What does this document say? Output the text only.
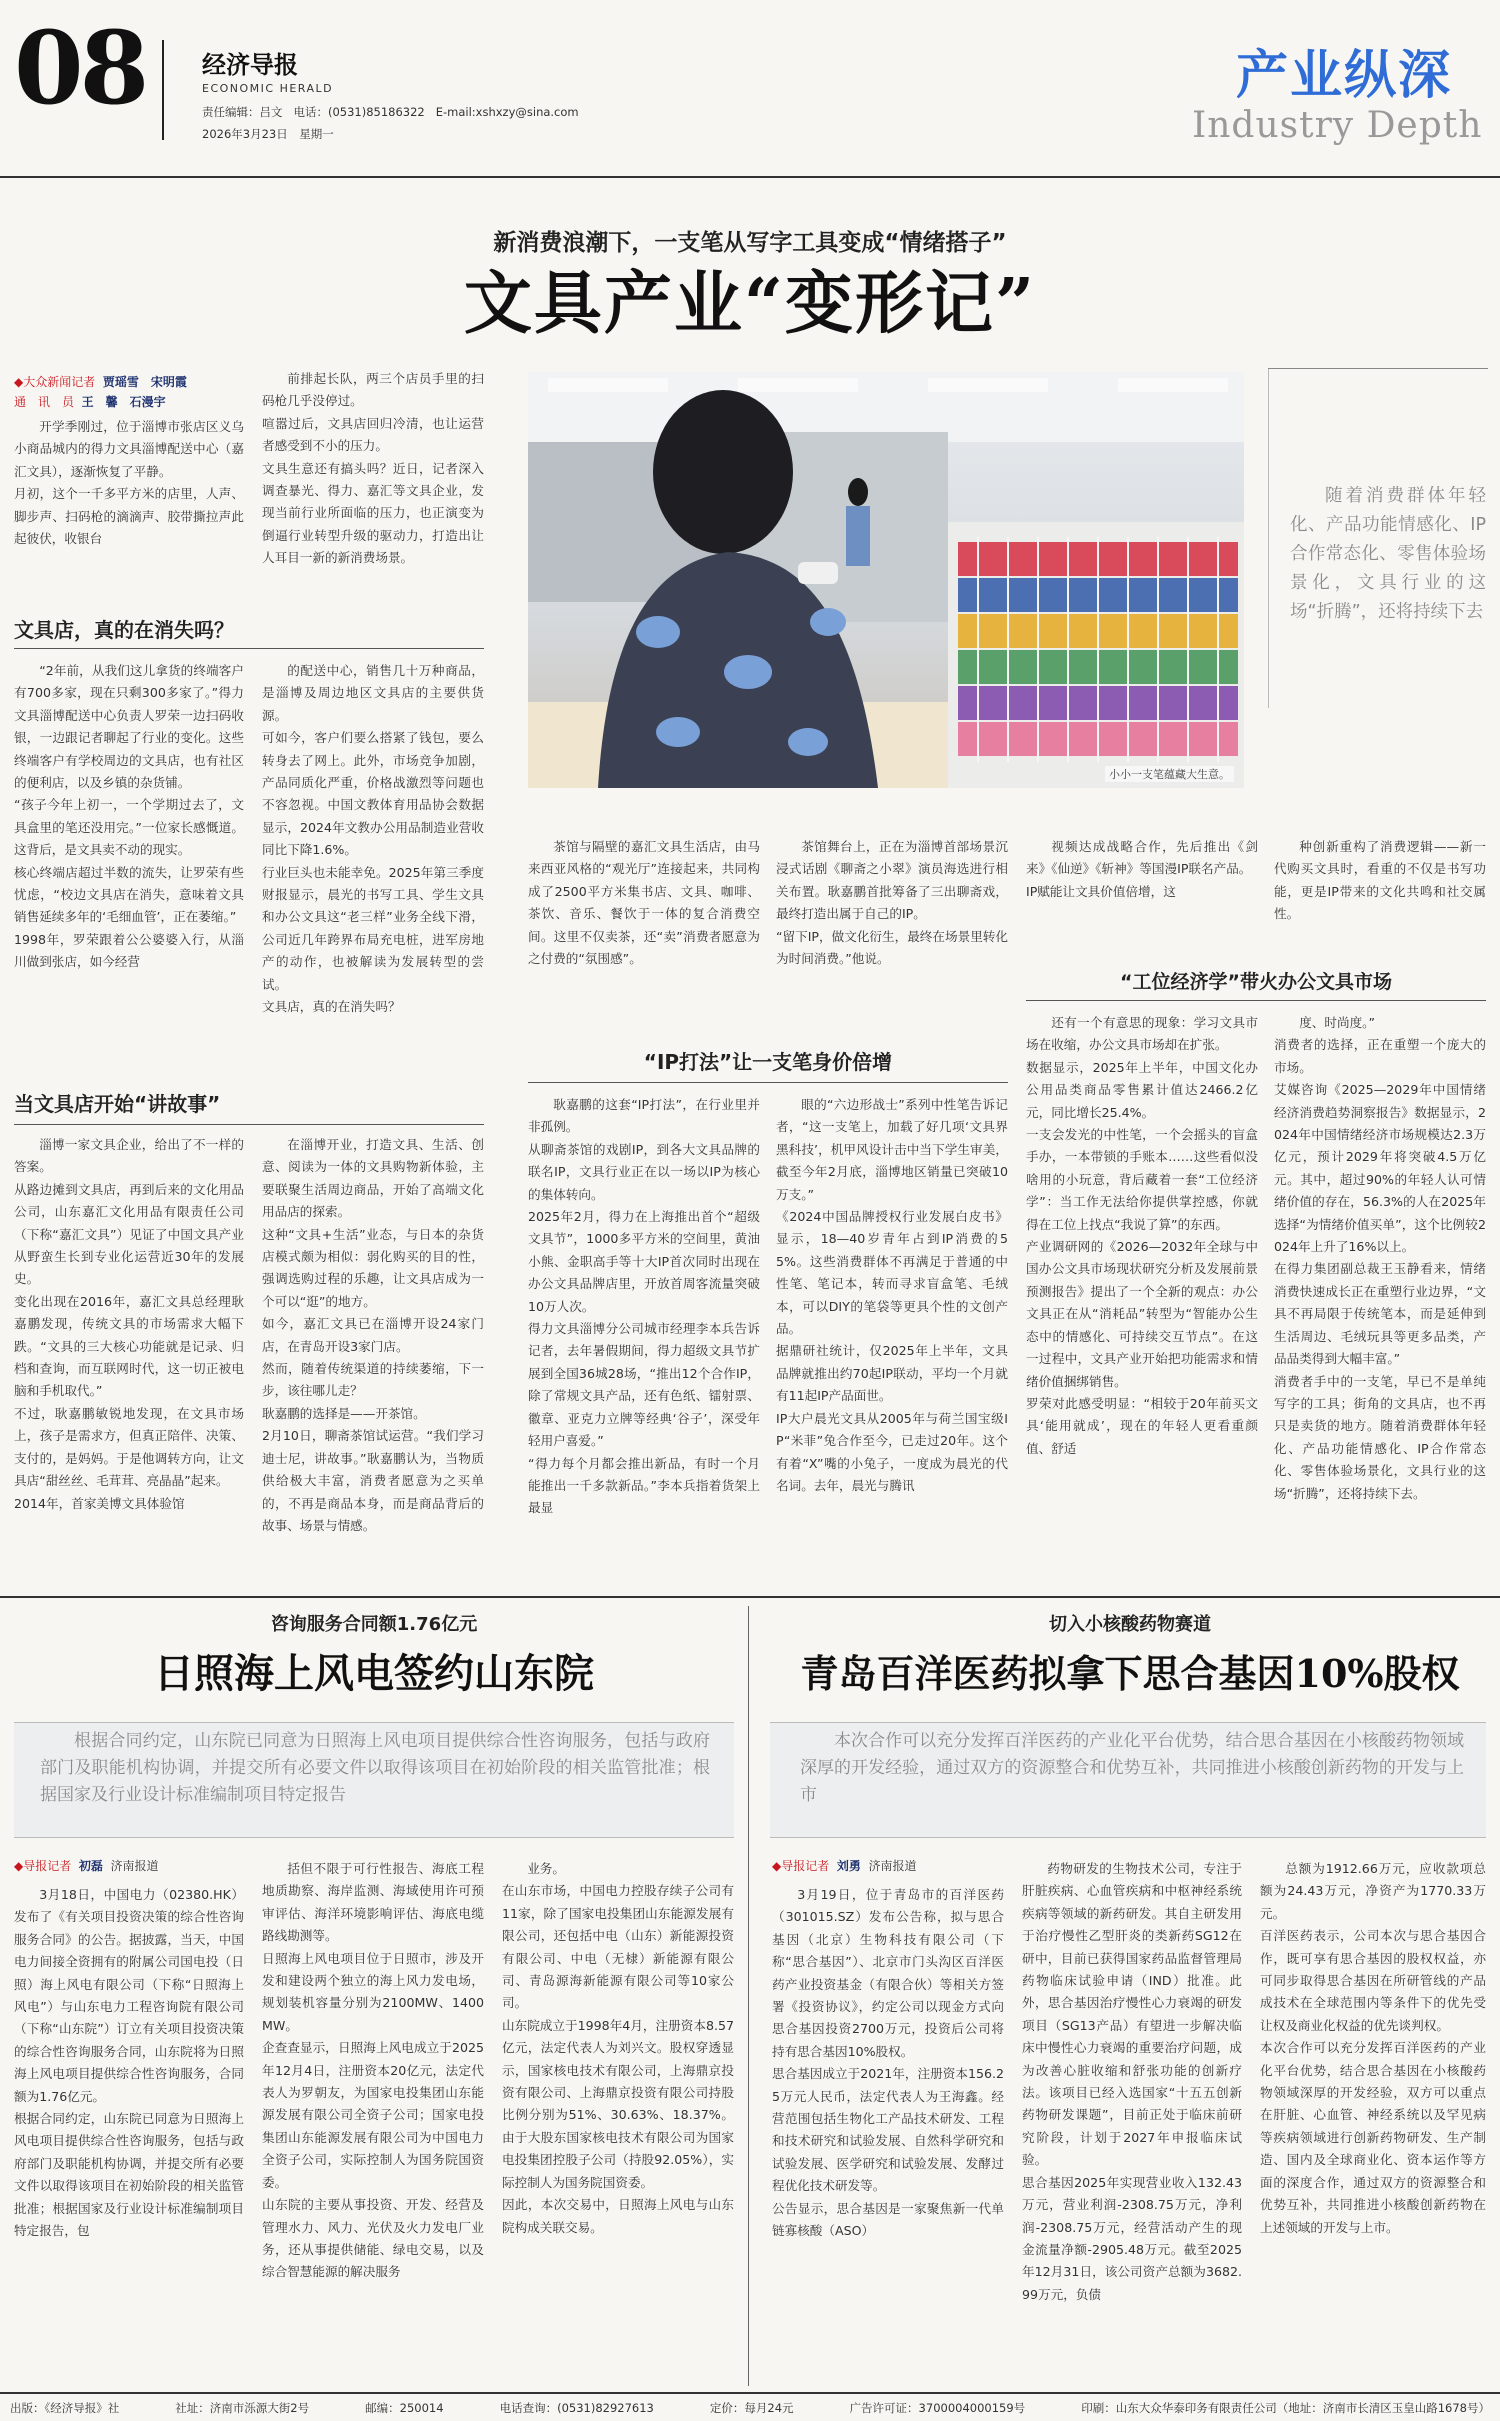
08 经济导报
ECONOMIC HERALD
责任编辑：吕文 电话：(0531)85186322 E-mail:xshxzy@sina.com
2026年3月23日　星期一
产业纵深
Industry Depth
新消费浪潮下，一支笔从写字工具变成“情绪搭子”
文具产业“变形记”
◆大众新闻记者 贾瑶雪　宋明霞
通　讯　员 王　馨　石漫宇
开学季刚过，位于淄博市张店区义乌小商品城内的得力文具淄博配送中心（嘉汇文具），逐渐恢复了平静。
月初，这个一千多平方米的店里，人声、脚步声、扫码枪的滴滴声、胶带撕拉声此起彼伏，收银台
前排起长队，两三个店员手里的扫码枪几乎没停过。
喧嚣过后，文具店回归冷清，也让运营者感受到不小的压力。
文具生意还有搞头吗？近日，记者深入调查暴光、得力、嘉汇等文具企业，发现当前行业所面临的压力，也正演变为倒逼行业转型升级的驱动力，打造出让人耳目一新的新消费场景。
文具店，真的在消失吗？
“2年前，从我们这儿拿货的终端客户有700多家，现在只剩300多家了。”得力文具淄博配送中心负责人罗荣一边扫码收银，一边跟记者聊起了行业的变化。这些终端客户有学校周边的文具店，也有社区的便利店，以及乡镇的杂货铺。
“孩子今年上初一，一个学期过去了，文具盒里的笔还没用完。”一位家长感慨道。这背后，是文具卖不动的现实。
核心终端店超过半数的流失，让罗荣有些忧虑，“校边文具店在消失，意味着文具销售延续多年的‘毛细血管’，正在萎缩。”
1998年，罗荣跟着公公婆婆入行，从淄川做到张店，如今经营
的配送中心，销售几十万种商品，是淄博及周边地区文具店的主要供货源。
可如今，客户们要么搭紧了钱包，要么转身去了网上。此外，市场竞争加剧，产品同质化严重，价格战激烈等问题也不容忽视。中国文教体育用品协会数据显示，2024年文教办公用品制造业营收同比下降1.6%。
行业巨头也未能幸免。2025年第三季度财报显示，晨光的书写工具、学生文具和办公文具这“老三样”业务全线下滑，公司近几年跨界布局充电桩，进军房地产的动作，也被解读为发展转型的尝试。
文具店，真的在消失吗？
当文具店开始“讲故事”
淄博一家文具企业，给出了不一样的答案。
从路边摊到文具店，再到后来的文化用品公司，山东嘉汇文化用品有限责任公司（下称“嘉汇文具”）见证了中国文具产业从野蛮生长到专业化运营近30年的发展史。
变化出现在2016年，嘉汇文具总经理耿嘉鹏发现，传统文具的市场需求大幅下跌。“文具的三大核心功能就是记录、归档和查询，而互联网时代，这一切正被电脑和手机取代。”
不过，耿嘉鹏敏锐地发现，在文具市场上，孩子是需求方，但真正陪伴、决策、支付的，是妈妈。于是他调转方向，让文具店“甜丝丝、毛茸茸、亮晶晶”起来。
2014年，首家美博文具体验馆
在淄博开业，打造文具、生活、创意、阅读为一体的文具购物新体验，主要联聚生活周边商品，开始了高端文化用品店的探索。
这种“文具+生活”业态，与日本的杂货店模式颇为相似：弱化购买的目的性，强调选购过程的乐趣，让文具店成为一个可以“逛”的地方。
如今，嘉汇文具已在淄博开设24家门店，在青岛开设3家门店。
然而，随着传统渠道的持续萎缩，下一步，该往哪儿走？
耿嘉鹏的选择是——开茶馆。
2月10日，聊斋茶馆试运营。“我们学习迪士尼，讲故事。”耿嘉鹏认为，当物质供给极大丰富，消费者愿意为之买单的，不再是商品本身，而是商品背后的故事、场景与情感。
小小一支笔蕴藏大生意。
随着消费群体年轻化、产品功能情感化、IP合作常态化、零售体验场景化，文具行业的这场“折腾”，还将持续下去
茶馆与隔壁的嘉汇文具生活店，由马来西亚风格的“观光厅”连接起来，共同构成了2500平方米集书店、文具、咖啡、茶饮、音乐、餐饮于一体的复合消费空间。这里不仅卖茶，还“卖”消费者愿意为之付费的“氛围感”。
茶馆舞台上，正在为淄博首部场景沉浸式话剧《聊斋之小翠》演员海选进行相关布置。耿嘉鹏首批筹备了三出聊斋戏，最终打造出属于自己的IP。
“留下IP，做文化衍生，最终在场景里转化为时间消费。”他说。
视频达成战略合作，先后推出《剑来》《仙逆》《斩神》等国漫IP联名产品。
IP赋能让文具价值倍增，这
种创新重构了消费逻辑——新一代购买文具时，看重的不仅是书写功能，更是IP带来的文化共鸣和社交属性。
“IP打法”让一支笔身价倍增
耿嘉鹏的这套“IP打法”，在行业里并非孤例。
从聊斋茶馆的戏剧IP，到各大文具品牌的联名IP，文具行业正在以一场以IP为核心的集体转向。
2025年2月，得力在上海推出首个“超级文具节”，1000多平方米的空间里，黄油小熊、金职高手等十大IP首次同时出现在办公文具品牌店里，开放首周客流量突破10万人次。
得力文具淄博分公司城市经理李本兵告诉记者，去年暑假期间，得力超级文具节扩展到全国36城28场，“推出12个合作IP，除了常规文具产品，还有色纸、镭射票、徽章、亚克力立牌等经典‘谷子’，深受年轻用户喜爱。”
“得力每个月都会推出新品，有时一个月能推出一千多款新品。”李本兵指着货架上最显
眼的“六边形战士”系列中性笔告诉记者，“这一支笔上，加载了好几项‘文具界黑科技’，机甲风设计击中当下学生审美，截至今年2月底，淄博地区销量已突破10万支。”
《2024中国品牌授权行业发展白皮书》显示，18—40岁青年占到IP消费的55%。这些消费群体不再满足于普通的中性笔、笔记本，转而寻求盲盒笔、毛绒本，可以DIY的笔袋等更具个性的文创产品。
据鼎研社统计，仅2025年上半年，文具品牌就推出约70起IP联动，平均一个月就有11起IP产品面世。
IP大户晨光文具从2005年与荷兰国宝级IP“米菲”兔合作至今，已走过20年。这个有着“X”嘴的小兔子，一度成为晨光的代名词。去年，晨光与腾讯
“工位经济学”带火办公文具市场
还有一个有意思的现象：学习文具市场在收缩，办公文具市场却在扩张。
数据显示，2025年上半年，中国文化办公用品类商品零售累计值达2466.2亿元，同比增长25.4%。
一支会发光的中性笔，一个会摇头的盲盒手办，一本带锁的手账本……这些看似没啥用的小玩意，背后藏着一套“工位经济学”：当工作无法给你提供掌控感，你就得在工位上找点“我说了算”的东西。
产业调研网的《2026—2032年全球与中国办公文具市场现状研究分析及发展前景预测报告》提出了一个全新的观点：办公文具正在从“消耗品”转型为“智能办公生态中的情感化、可持续交互节点”。在这一过程中，文具产业开始把功能需求和情绪价值捆绑销售。
罗荣对此感受明显：“相较于20年前买文具‘能用就成’，现在的年轻人更看重颜值、舒适
度、时尚度。”
消费者的选择，正在重塑一个庞大的市场。
艾媒咨询《2025—2029年中国情绪经济消费趋势洞察报告》数据显示，2024年中国情绪经济市场规模达2.3万亿元，预计2029年将突破4.5万亿元。其中，超过90%的年轻人认可情绪价值的存在，56.3%的人在2025年选择“为情绪价值买单”，这个比例较2024年上升了16%以上。
在得力集团副总裁王玉静看来，情绪消费快速成长正在重塑行业边界，“文具不再局限于传统笔本，而是延伸到生活周边、毛绒玩具等更多品类，产品品类得到大幅丰富。”
消费者手中的一支笔，早已不是单纯写字的工具；街角的文具店，也不再只是卖货的地方。随着消费群体年轻化、产品功能情感化、IP合作常态化、零售体验场景化，文具行业的这场“折腾”，还将持续下去。
咨询服务合同额1.76亿元
日照海上风电签约山东院
根据合同约定，山东院已同意为日照海上风电项目提供综合性咨询服务，包括与政府部门及职能机构协调，并提交所有必要文件以取得该项目在初始阶段的相关监管批准；根据国家及行业设计标准编制项目特定报告
◆导报记者 初磊 济南报道
3月18日，中国电力（02380.HK）发布了《有关项目投资决策的综合性咨询服务合同》的公告。据披露，当天，中国电力间接全资拥有的附属公司国电投（日照）海上风电有限公司（下称“日照海上风电”）与山东电力工程咨询院有限公司（下称“山东院”）订立有关项目投资决策的综合性咨询服务合同，山东院将为日照海上风电项目提供综合性咨询服务，合同额为1.76亿元。
根据合同约定，山东院已同意为日照海上风电项目提供综合性咨询服务，包括与政府部门及职能机构协调，并提交所有必要文件以取得该项目在初始阶段的相关监管批准；根据国家及行业设计标准编制项目特定报告，包
括但不限于可行性报告、海底工程地质勘察、海岸监测、海域使用许可预审评估、海洋环境影响评估、海底电缆路线勘测等。
日照海上风电项目位于日照市，涉及开发和建设两个独立的海上风力发电场，规划装机容量分别为2100MW、1400MW。
企查查显示，日照海上风电成立于2025年12月4日，注册资本20亿元，法定代表人为罗朝友，为国家电投集团山东能源发展有限公司全资子公司；国家电投集团山东能源发展有限公司为中国电力全资子公司，实际控制人为国务院国资委。
山东院的主要从事投资、开发、经营及管理水力、风力、光伏及火力发电厂业务，还从事提供储能、绿电交易，以及综合智慧能源的解决服务
业务。
在山东市场，中国电力控股存续子公司有11家，除了国家电投集团山东能源发展有限公司，还包括中电（山东）新能源投资有限公司、中电（无棣）新能源有限公司、青岛源海新能源有限公司等10家公司。
山东院成立于1998年4月，注册资本8.57亿元，法定代表人为刘兴文。股权穿透显示，国家核电技术有限公司，上海鼎京投资有限公司、上海鼎京投资有限公司持股比例分别为51%、30.63%、18.37%。由于大股东国家核电技术有限公司为国家电投集团控股子公司（持股92.05%），实际控制人为国务院国资委。
因此，本次交易中，日照海上风电与山东院构成关联交易。
切入小核酸药物赛道
青岛百洋医药拟拿下思合基因10%股权
本次合作可以充分发挥百洋医药的产业化平台优势，结合思合基因在小核酸药物领域深厚的开发经验，通过双方的资源整合和优势互补，共同推进小核酸创新药物的开发与上市
◆导报记者 刘勇 济南报道
3月19日，位于青岛市的百洋医药（301015.SZ）发布公告称，拟与思合基因（北京）生物科技有限公司（下称“思合基因”）、北京市门头沟区百洋医药产业投资基金（有限合伙）等相关方签署《投资协议》，约定公司以现金方式向思合基因投资2700万元，投资后公司将持有思合基因10%股权。
思合基因成立于2021年，注册资本156.25万元人民币，法定代表人为王海鑫。经营范围包括生物化工产品技术研发、工程和技术研究和试验发展、自然科学研究和试验发展、医学研究和试验发展、发酵过程优化技术研发等。
公告显示，思合基因是一家聚焦新一代单链寡核酸（ASO）
药物研发的生物技术公司，专注于肝脏疾病、心血管疾病和中枢神经系统疾病等领域的新药研发。其自主研发用于治疗慢性乙型肝炎的类新药SG12在研中，目前已获得国家药品监督管理局药物临床试验申请（IND）批准。此外，思合基因治疗慢性心力衰竭的研发项目（SG13产品）有望进一步解决临床中慢性心力衰竭的重要治疗问题，成为改善心脏收缩和舒张功能的创新疗法。该项目已经入选国家“十五五创新药物研发课题”，目前正处于临床前研究阶段，计划于2027年申报临床试验。
思合基因2025年实现营业收入132.43万元，营业利润-2308.75万元，净利润-2308.75万元，经营活动产生的现金流量净额-2905.48万元。截至2025年12月31日，该公司资产总额为3682.99万元，负债
总额为1912.66万元，应收款项总额为24.43万元，净资产为1770.33万元。
百洋医药表示，公司本次与思合基因合作，既可享有思合基因的股权权益，亦可同步取得思合基因在所研管线的产品成技术在全球范围内等条件下的优先受让权及商业化权益的优先谈判权。
本次合作可以充分发挥百洋医药的产业化平台优势，结合思合基因在小核酸药物领域深厚的开发经验，双方可以重点在肝脏、心血管、神经系统以及罕见病等疾病领域进行创新药物研发、生产制造、国内及全球商业化、资本运作等方面的深度合作，通过双方的资源整合和优势互补，共同推进小核酸创新药物在上述领域的开发与上市。
出版：《经济导报》社	社址：济南市泺源大街2号	邮编：250014	电话查询：(0531)82927613	定价：每月24元	广告许可证：3700004000159号	印刷：山东大众华泰印务有限责任公司（地址：济南市长清区玉皇山路1678号）
